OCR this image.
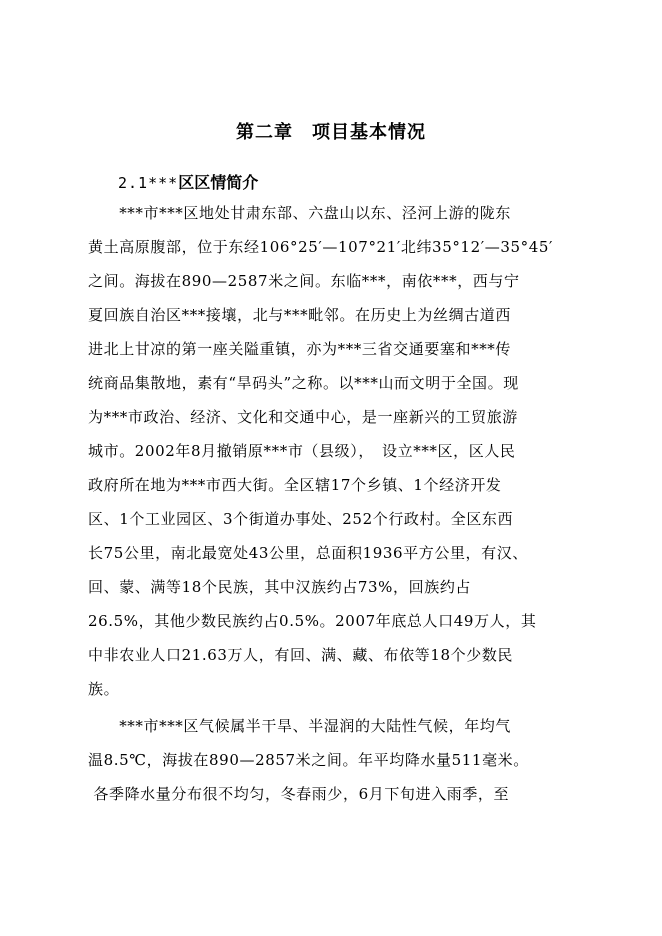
第二章　项目基本情况
2.1***区区情简介
　　***市***区地处甘肃东部、六盘山以东、泾河上游的陇东
黄土高原腹部，位于东经106°25′—107°21′北纬35°12′—35°45′
之间。海拔在890—2587米之间。东临***，南依***，西与宁
夏回族自治区***接壤，北与***毗邻。在历史上为丝绸古道西
进北上甘凉的第一座关隘重镇，亦为***三省交通要塞和***传
统商品集散地，素有“旱码头”之称。以***山而文明于全国。现
为***市政治、经济、文化和交通中心，是一座新兴的工贸旅游
城市。2002年8月撤销原***市（县级），　设立***区，区人民
政府所在地为***市西大街。全区辖17个乡镇、1个经济开发
区、1个工业园区、3个街道办事处、252个行政村。全区东西
长75公里，南北最宽处43公里，总面积1936平方公里，有汉、
回、蒙、满等18个民族，其中汉族约占73%，回族约占
26.5%，其他少数民族约占0.5%。2007年底总人口49万人，其
中非农业人口21.63万人，有回、满、藏、布依等18个少数民
族。
　　***市***区气候属半干旱、半湿润的大陆性气候，年均气
温8.5℃，海拔在890—2857米之间。年平均降水量511毫米。
各季降水量分布很不均匀，冬春雨少，6月下旬进入雨季，至
